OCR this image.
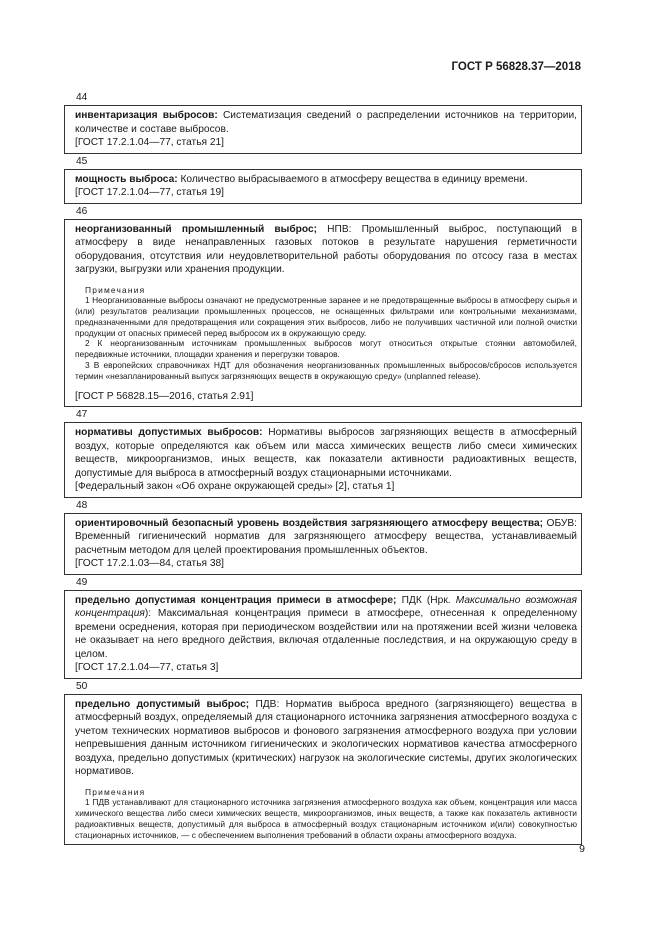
ГОСТ Р 56828.37—2018
44
инвентаризация выбросов: Систематизация сведений о распределении источников на территории, количестве и составе выбросов.
[ГОСТ 17.2.1.04—77, статья 21]
45
мощность выброса: Количество выбрасываемого в атмосферу вещества в единицу времени.
[ГОСТ 17.2.1.04—77, статья 19]
46
неорганизованный промышленный выброс; НПВ: Промышленный выброс, поступающий в атмосферу в виде ненаправленных газовых потоков в результате нарушения герметичности оборудования, отсутствия или неудовлетворительной работы оборудования по отсосу газа в местах загрузки, выгрузки или хранения продукции.
Примечания
1 Неорганизованные выбросы означают не предусмотренные заранее и не предотвращенные выбросы в атмосферу сырья и (или) результатов реализации промышленных процессов, не оснащенных фильтрами или контрольными механизмами, предназначенными для предотвращения или сокращения этих выбросов, либо не получивших частичной или полной очистки продукции от опасных примесей перед выбросом их в окружающую среду.
2 К неорганизованным источникам промышленных выбросов могут относиться открытые стоянки автомобилей, передвижные источники, площадки хранения и перегрузки товаров.
3 В европейских справочниках НДТ для обозначения неорганизованных промышленных выбросов/сбросов используется термин «незапланированный выпуск загрязняющих веществ в окружающую среду» (unplanned release).
[ГОСТ Р 56828.15—2016, статья 2.91]
47
нормативы допустимых выбросов: Нормативы выбросов загрязняющих веществ в атмосферный воздух, которые определяются как объем или масса химических веществ либо смеси химических веществ, микроорганизмов, иных веществ, как показатели активности радиоактивных веществ, допустимые для выброса в атмосферный воздух стационарными источниками.
[Федеральный закон «Об охране окружающей среды» [2], статья 1]
48
ориентировочный безопасный уровень воздействия загрязняющего атмосферу вещества; ОБУВ: Временный гигиенический норматив для загрязняющего атмосферу вещества, устанавливаемый расчетным методом для целей проектирования промышленных объектов.
[ГОСТ 17.2.1.03—84, статья 38]
49
предельно допустимая концентрация примеси в атмосфере; ПДК (Нрк. Максимально возможная концентрация): Максимальная концентрация примеси в атмосфере, отнесенная к определенному времени осреднения, которая при периодическом воздействии или на протяжении всей жизни человека не оказывает на него вредного действия, включая отдаленные последствия, и на окружающую среду в целом.
[ГОСТ 17.2.1.04—77, статья 3]
50
предельно допустимый выброс; ПДВ: Норматив выброса вредного (загрязняющего) вещества в атмосферный воздух, определяемый для стационарного источника загрязнения атмосферного воздуха с учетом технических нормативов выбросов и фонового загрязнения атмосферного воздуха при условии непревышения данным источником гигиенических и экологических нормативов качества атмосферного воздуха, предельно допустимых (критических) нагрузок на экологические системы, других экологических нормативов.
Примечания
1 ПДВ устанавливают для стационарного источника загрязнения атмосферного воздуха как объем, концентрация или масса химического вещества либо смеси химических веществ, микроорганизмов, иных веществ, а также как показатель активности радиоактивных веществ, допустимый для выброса в атмосферный воздух стационарным источником и(или) совокупностью стационарных источников, — с обеспечением выполнения требований в области охраны атмосферного воздуха.
9
